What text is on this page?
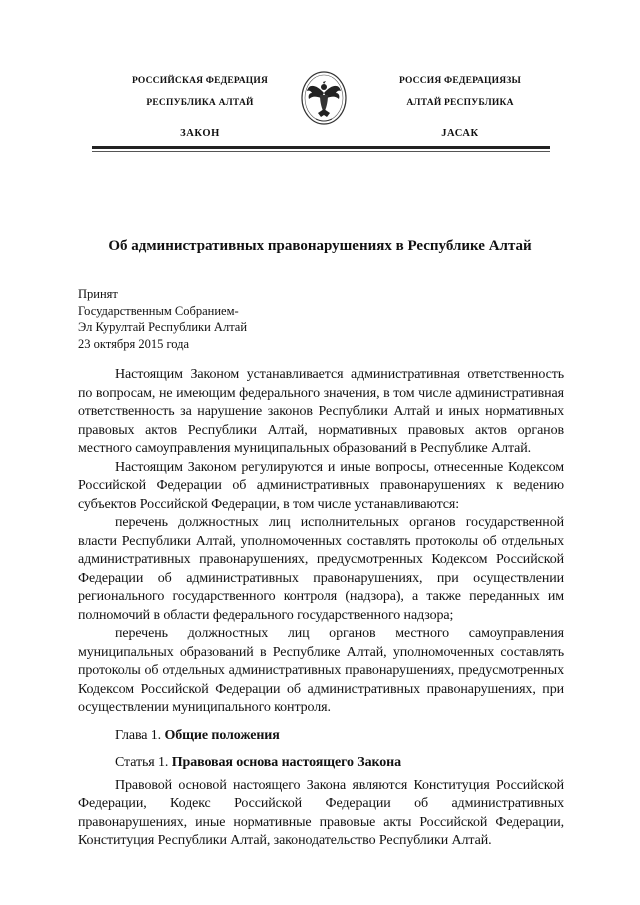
РОССИЙСКАЯ ФЕДЕРАЦИЯ
РЕСПУБЛИКА АЛТАЙ
ЗАКОН
РОССИЯ ФЕДЕРАЦИЯЗЫ
АЛТАЙ РЕСПУБЛИКА
JАСАК
Об административных правонарушениях в Республике Алтай
Принят
Государственным Собранием-
Эл Курултай Республики Алтай
23 октября 2015 года

Настоящим Законом устанавливается административная ответственность по вопросам, не имеющим федерального значения, в том числе административная ответственность за нарушение законов Республики Алтай и иных нормативных правовых актов Республики Алтай, нормативных правовых актов органов местного самоуправления муниципальных образований в Республике Алтай.

Настоящим Законом регулируются и иные вопросы, отнесенные Кодексом Российской Федерации об административных правонарушениях к ведению субъектов Российской Федерации, в том числе устанавливаются:

перечень должностных лиц исполнительных органов государственной власти Республики Алтай, уполномоченных составлять протоколы об отдельных административных правонарушениях, предусмотренных Кодексом Российской Федерации об административных правонарушениях, при осуществлении регионального государственного контроля (надзора), а также переданных им полномочий в области федерального государственного надзора;

перечень должностных лиц органов местного самоуправления муниципальных образований в Республике Алтай, уполномоченных составлять протоколы об отдельных административных правонарушениях, предусмотренных Кодексом Российской Федерации об административных правонарушениях, при осуществлении муниципального контроля.

Глава 1. Общие положения
Статья 1. Правовая основа настоящего Закона

Правовой основой настоящего Закона являются Конституция Российской Федерации, Кодекс Российской Федерации об административных правонарушениях, иные нормативные правовые акты Российской Федерации, Конституция Республики Алтай, законодательство Республики Алтай.
